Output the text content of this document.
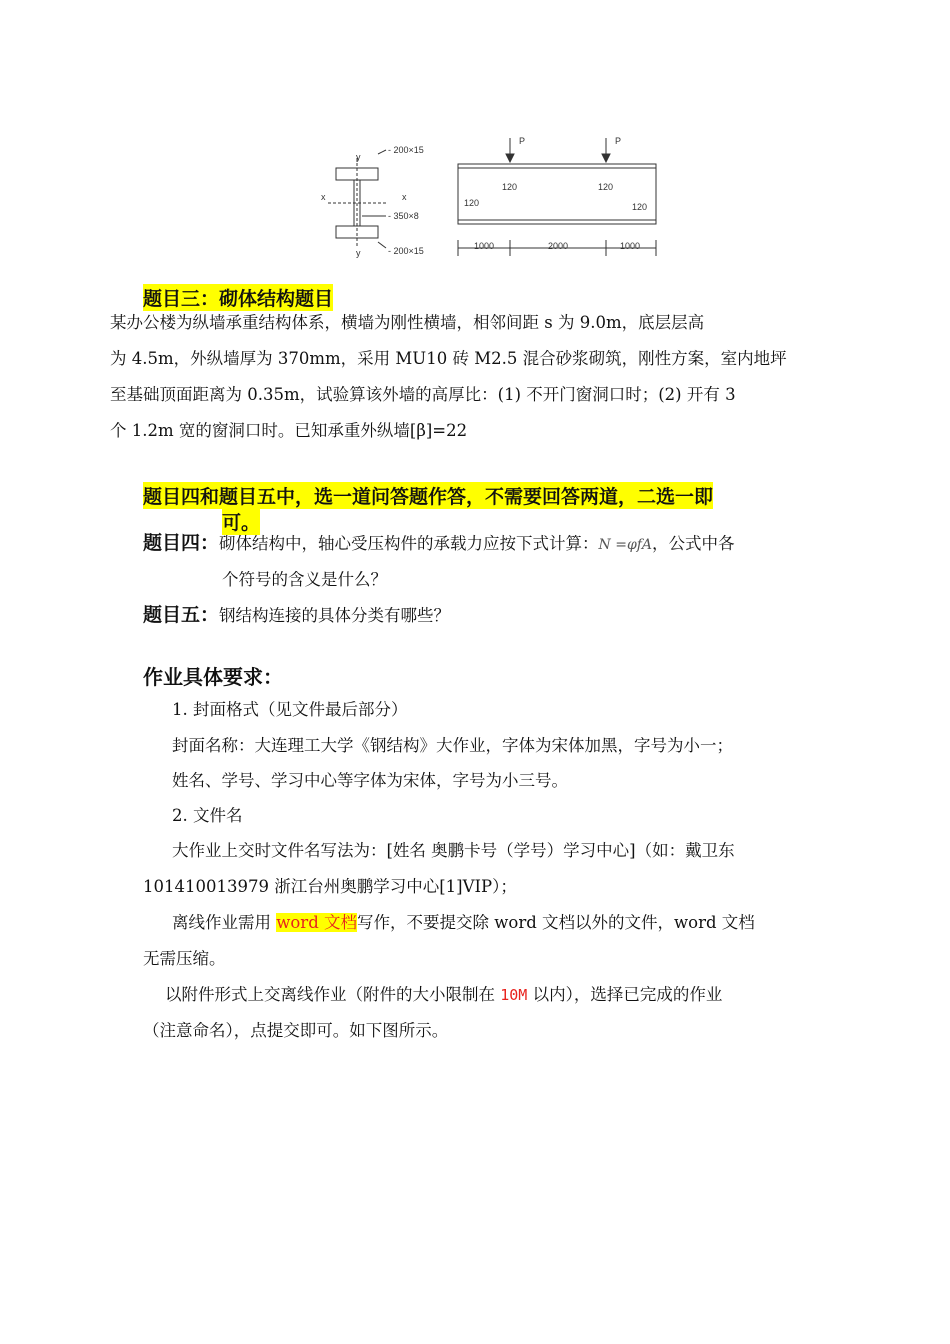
y
x	x
y
- 200×15
- 350×8
- 200×15
P	P
120	120
120	120
1000	2000	1000
题目三：砌体结构题目
某办公楼为纵墙承重结构体系，横墙为刚性横墙，相邻间距 s 为 9.0m，底层层高
为 4.5m，外纵墙厚为 370mm，采用 MU10 砖 M2.5 混合砂浆砌筑，刚性方案，室内地坪
至基础顶面距离为 0.35m，试验算该外墙的高厚比：(1) 不开门窗洞口时；(2) 开有 3
个 1.2m 宽的窗洞口时。已知承重外纵墙[β]=22
题目四和题目五中，选一道问答题作答，不需要回答两道，二选一即
可。
题目四：砌体结构中，轴心受压构件的承载力应按下式计算：N =φfA，公式中各
个符号的含义是什么？
题目五：钢结构连接的具体分类有哪些？
作业具体要求：
1. 封面格式（见文件最后部分）
封面名称：大连理工大学《钢结构》大作业，字体为宋体加黑，字号为小一；
姓名、学号、学习中心等字体为宋体，字号为小三号。
2. 文件名
大作业上交时文件名写法为：[姓名 奥鹏卡号（学号）学习中心]（如：戴卫东
101410013979 浙江台州奥鹏学习中心[1]VIP）；
离线作业需用 word 文档写作，不要提交除 word 文档以外的文件，word 文档
无需压缩。
以附件形式上交离线作业（附件的大小限制在 10M 以内），选择已完成的作业
（注意命名），点提交即可。如下图所示。
